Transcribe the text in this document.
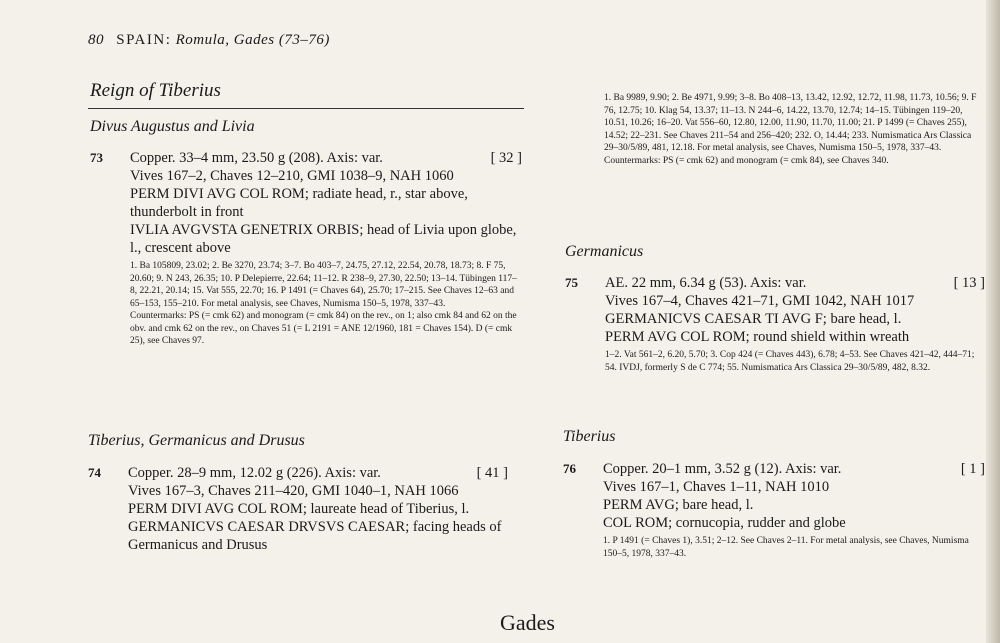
80 SPAIN: Romula, Gades (73–76)
Reign of Tiberius
Divus Augustus and Livia
73 Copper. 33–4 mm, 23.50 g (208). Axis: var.	[ 32 ]
Vives 167–2, Chaves 12–210, GMI 1038–9, NAH 1060
PERM DIVI AVG COL ROM; radiate head, r., star above, thunderbolt in front
IVLIA AVGVSTA GENETRIX ORBIS; head of Livia upon globe, l., crescent above
1. Ba 105809, 23.02; 2. Be 3270, 23.74; 3–7. Bo 403–7, 24.75, 27.12, 22.54, 20.78, 18.73; 8. F 75, 20.60; 9. N 243, 26.35; 10. P Delepierre, 22.64; 11–12. R 238–9, 27.30, 22.50; 13–14. Tübingen 117–8, 22.21, 20.14; 15. Vat 555, 22.70; 16. P 1491 (= Chaves 64), 25.70; 17–215. See Chaves 12–63 and 65–153, 155–210. For metal analysis, see Chaves, Numisma 150–5, 1978, 337–43.
Countermarks: PS (= cmk 62) and monogram (= cmk 84) on the rev., on 1; also cmk 84 and 62 on the obv. and cmk 62 on the rev., on Chaves 51 (= L 2191 = ANE 12/1960, 181 = Chaves 154). D (= cmk 25), see Chaves 97.
Tiberius, Germanicus and Drusus
74 Copper. 28–9 mm, 12.02 g (226). Axis: var.	[ 41 ]
Vives 167–3, Chaves 211–420, GMI 1040–1, NAH 1066
PERM DIVI AVG COL ROM; laureate head of Tiberius, l.
GERMANICVS CAESAR DRVSVS CAESAR; facing heads of Germanicus and Drusus
1. Ba 9989, 9.90; 2. Be 4971, 9.99; 3–8. Bo 408–13, 13.42, 12.92, 12.72, 11.98, 11.73, 10.56; 9. F 76, 12.75; 10. Klag 54, 13.37; 11–13. N 244–6, 14.22, 13.70, 12.74; 14–15. Tübingen 119–20, 10.51, 10.26; 16–20. Vat 556–60, 12.80, 12.00, 11.90, 11.70, 11.00; 21. P 1499 (= Chaves 255), 14.52; 22–231. See Chaves 211–54 and 256–420; 232. O, 14.44; 233. Numismatica Ars Classica 29–30/5/89, 481, 12.18. For metal analysis, see Chaves, Numisma 150–5, 1978, 337–43.
Countermarks: PS (= cmk 62) and monogram (= cmk 84), see Chaves 340.
Germanicus
75 AE. 22 mm, 6.34 g (53). Axis: var.	[ 13 ]
Vives 167–4, Chaves 421–71, GMI 1042, NAH 1017
GERMANICVS CAESAR TI AVG F; bare head, l.
PERM AVG COL ROM; round shield within wreath
1–2. Vat 561–2, 6.20, 5.70; 3. Cop 424 (= Chaves 443), 6.78; 4–53. See Chaves 421–42, 444–71; 54. IVDJ, formerly S de C 774; 55. Numismatica Ars Classica 29–30/5/89, 482, 8.32.
Tiberius
76 Copper. 20–1 mm, 3.52 g (12). Axis: var.	[ 1 ]
Vives 167–1, Chaves 1–11, NAH 1010
PERM AVG; bare head, l.
COL ROM; cornucopia, rudder and globe
1. P 1491 (= Chaves 1), 3.51; 2–12. See Chaves 2–11. For metal analysis, see Chaves, Numisma 150–5, 1978, 337–43.
Gades
